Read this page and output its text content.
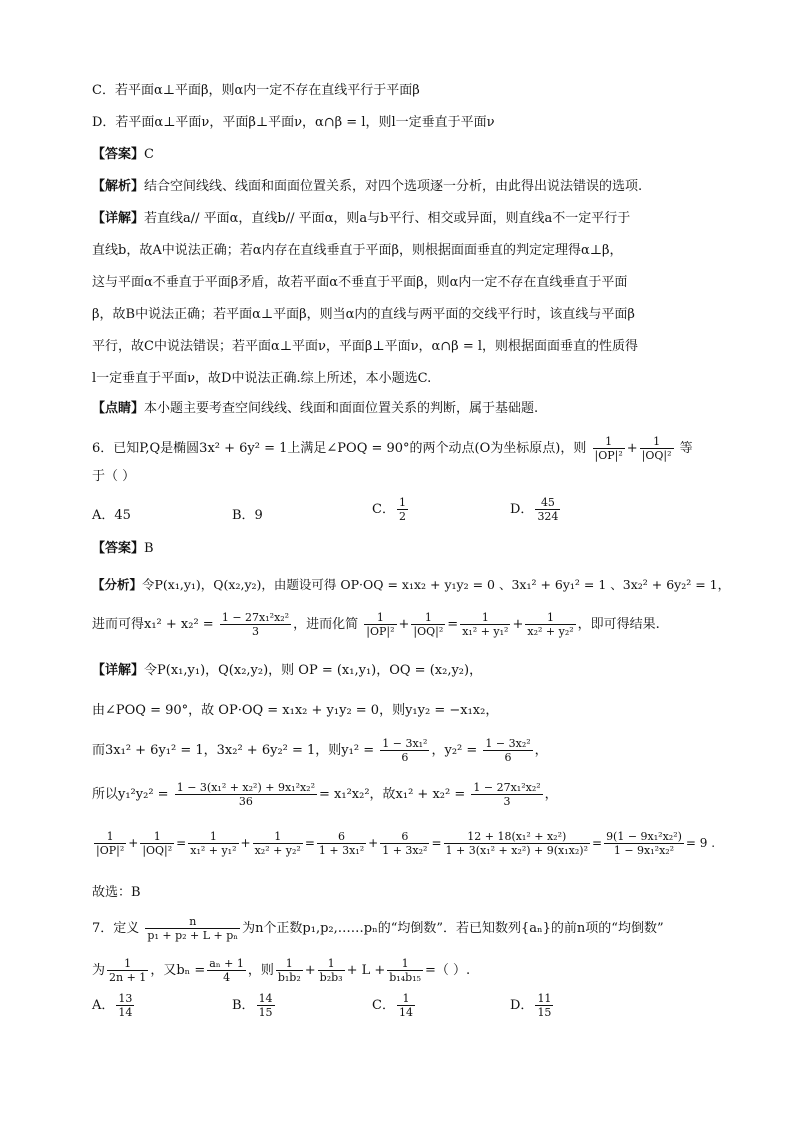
C．若平面α⊥平面β，则α内一定不存在直线平行于平面β
D．若平面α⊥平面ν，平面β⊥平面ν，α∩β = l，则l一定垂直于平面ν
【答案】C
【解析】结合空间线线、线面和面面位置关系，对四个选项逐一分析，由此得出说法错误的选项.
【详解】若直线a// 平面α，直线b// 平面α，则a与b平行、相交或异面，则直线a不一定平行于
直线b，故A中说法正确；若α内存在直线垂直于平面β，则根据面面垂直的判定定理得α⊥β，
这与平面α不垂直于平面β矛盾，故若平面α不垂直于平面β，则α内一定不存在直线垂直于平面
β，故B中说法正确；若平面α⊥平面β，则当α内的直线与两平面的交线平行时，该直线与平面β
平行，故C中说法错误；若平面α⊥平面ν，平面β⊥平面ν，α∩β = l，则根据面面垂直的性质得
l一定垂直于平面ν，故D中说法正确.综上所述，本小题选C.
【点睛】本小题主要考查空间线线、线面和面面位置关系的判断，属于基础题.
6．已知P,Q是椭圆3x² + 6y² = 1上满足∠POQ = 90°的两个动点(O为坐标原点)，则 $\frac{1}{\text{|OP|²}} + \frac{1}{\text{|OQ|²}}$ 等
于（ ）
A．45	B．9	C． $\frac{1}{2}$	D． $\frac{45}{324}$
【答案】B
【分析】令P(x₁,y₁)，Q(x₂,y₂)，由题设可得 OP·OQ = x₁x₂ + y₁y₂ = 0 、3x₁² + 6y₁² = 1 、3x₂² + 6y₂² = 1，
进而可得$x_1^2 + x_2^2 = \frac{\text{1 − 27x₁²x₂²}}{3}$ ，进而化简 $\frac{1}{\text{|OP|²}} + \frac{1}{\text{|OQ|²}} = \frac{1}{\text{x₁² + y₁²}} + \frac{1}{\text{x₂² + y₂²}}$ ，即可得结果.
【详解】令P(x₁,y₁)，Q(x₂,y₂)，则 OP = (x₁,y₁)，OQ = (x₂,y₂)，
由∠POQ = 90°，故 OP·OQ = x₁x₂ + y₁y₂ = 0，则y₁y₂ = −x₁x₂，
而3x₁² + 6y₁² = 1，3x₂² + 6y₂² = 1，则$y_1^2 = \frac{\text{1 − 3x₁²}}{6}$ ，$y_2^2 = \frac{\text{1 − 3x₂²}}{6}$ ，
所以$y_1^2y_2^2 = \frac{\text{1 − 3(x₁² + x₂²) + 9x₁²x₂²}}{36} = x_1^2x_2^2$，故$x_1^2 + x_2^2 = \frac{\text{1 − 27x₁²x₂²}}{3}$ ，
$\frac{1}{\text{|OP|²}} + \frac{1}{\text{|OQ|²}} = \frac{1}{\text{x₁² + y₁²}} + \frac{1}{\text{x₂² + y₂²}} = \frac{6}{\text{1 + 3x₁²}} + \frac{6}{\text{1 + 3x₂²}} = \frac{\text{12 + 18(x₁² + x₂²)}}{\text{1 + 3(x₁² + x₂²) + 9(x₁x₂)²}} = \frac{\text{9(1 − 9x₁²x₂²)}}{\text{1 − 9x₁²x₂²}} = 9$ .
故选：B
7．定义 $\frac{n}{\text{p₁ + p₂ + L + pₙ}}$ 为n个正数p₁,p₂,……pₙ的“均倒数”．若已知数列{aₙ}的前n项的“均倒数”
为 $\frac{1}{2n + 1}$ ，又$b_n = \frac{\text{aₙ + 1}}{4}$ ，则 $\frac{1}{\text{b₁b₂}} + \frac{1}{\text{b₂b₃}} + L + \frac{1}{\text{b₁₄b₁₅}}$ =（ ）.
A． $\frac{13}{14}$	B． $\frac{14}{15}$	C． $\frac{1}{14}$	D． $\frac{11}{15}$
